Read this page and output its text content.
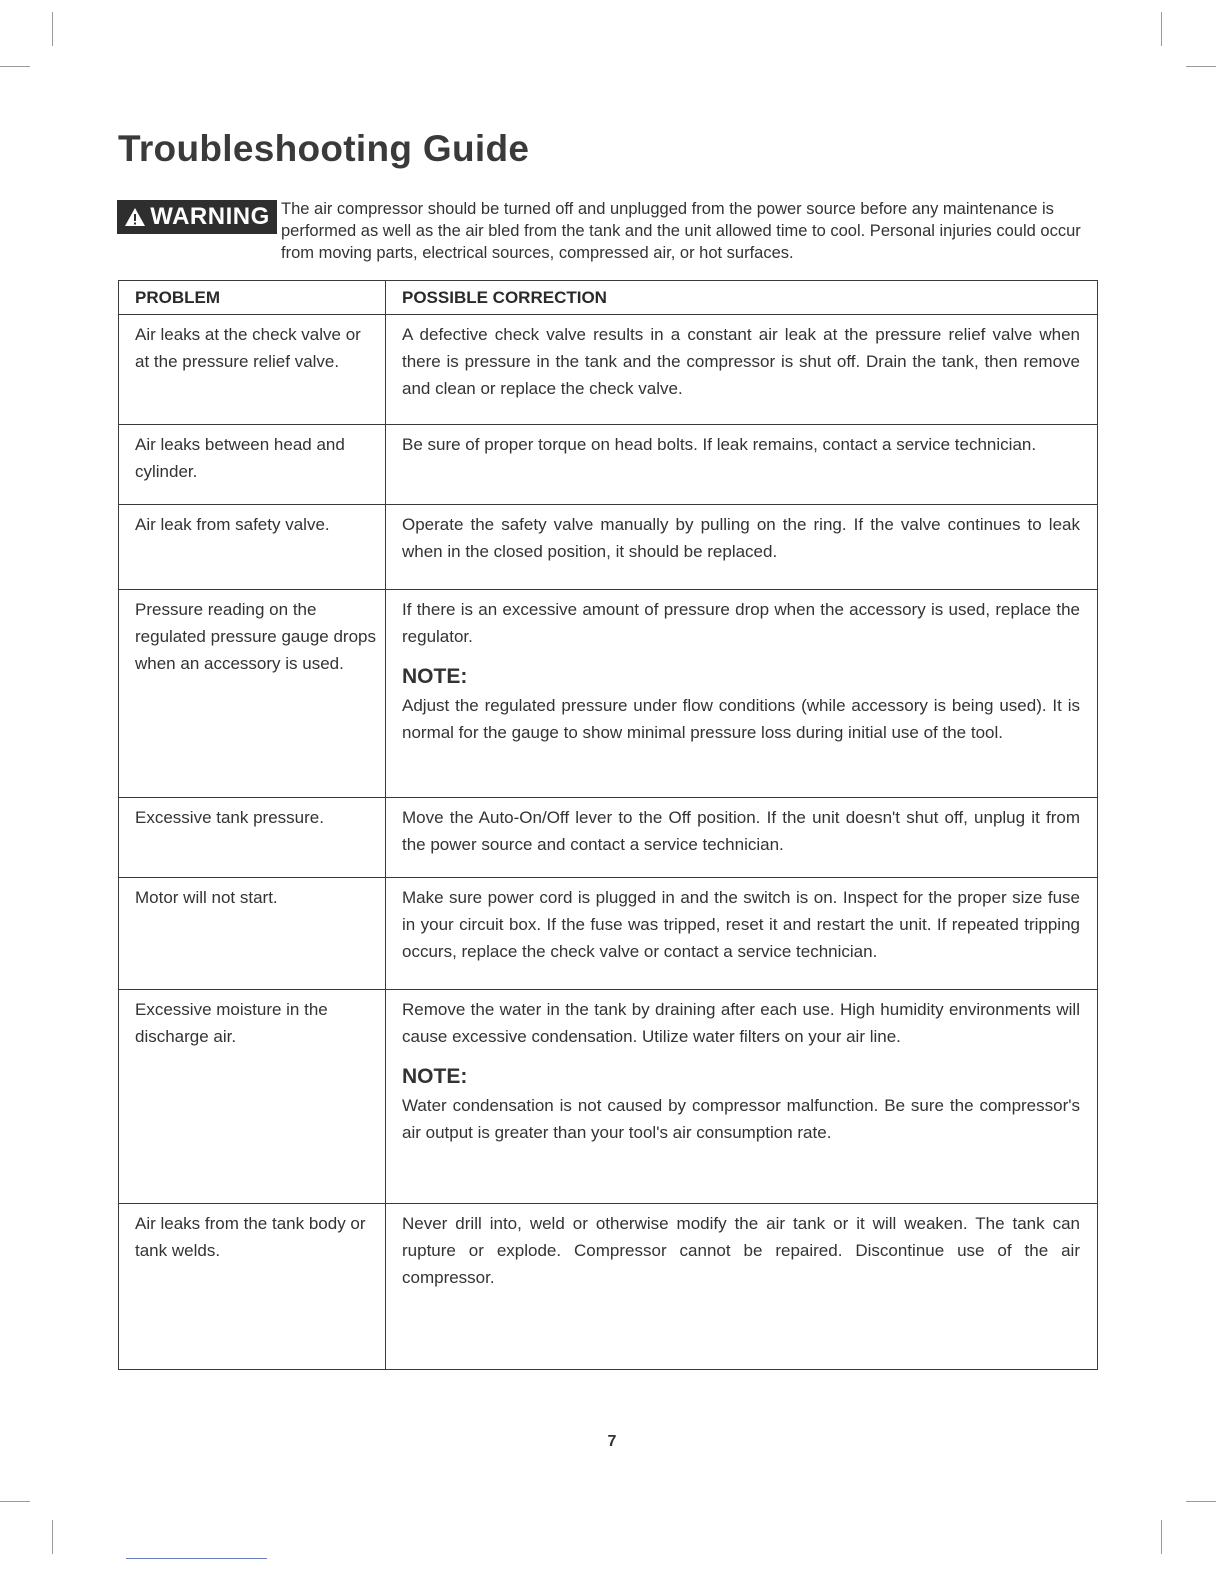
Troubleshooting Guide
WARNING The air compressor should be turned off and unplugged from the power source before any maintenance is performed as well as the air bled from the tank and the unit allowed time to cool. Personal injuries could occur from moving parts, electrical sources, compressed air, or hot surfaces.
PROBLEM	POSSIBLE CORRECTION
Air leaks at the check valve or at the pressure relief valve.	A defective check valve results in a constant air leak at the pressure relief valve when there is pressure in the tank and the compressor is shut off. Drain the tank, then remove and clean or replace the check valve.

Air leaks between head and cylinder.	Be sure of proper torque on head bolts. If leak remains, contact a service technician.

Air leak from safety valve.	Operate the safety valve manually by pulling on the ring. If the valve continues to leak when in the closed position, it should be replaced.

Pressure reading on the regulated pressure gauge drops when an accessory is used.	If there is an excessive amount of pressure drop when the accessory is used, replace the regulator.

NOTE:

Adjust the regulated pressure under flow conditions (while accessory is being used). It is normal for the gauge to show minimal pressure loss during initial use of the tool.

Excessive tank pressure.	Move the Auto-On/Off lever to the Off position. If the unit doesn't shut off, unplug it from the power source and contact a service technician.

Motor will not start.	Make sure power cord is plugged in and the switch is on. Inspect for the proper size fuse in your circuit box. If the fuse was tripped, reset it and restart the unit. If repeated tripping occurs, replace the check valve or contact a service technician.

Excessive moisture in the discharge air.	Remove the water in the tank by draining after each use. High humidity environments will cause excessive condensation. Utilize water filters on your air line.

NOTE:

Water condensation is not caused by compressor malfunction. Be sure the compressor's air output is greater than your tool's air consumption rate.

Air leaks from the tank body or tank welds.	Never drill into, weld or otherwise modify the air tank or it will weaken. The tank can rupture or explode. Compressor cannot be repaired. Discontinue use of the air compressor.

7
